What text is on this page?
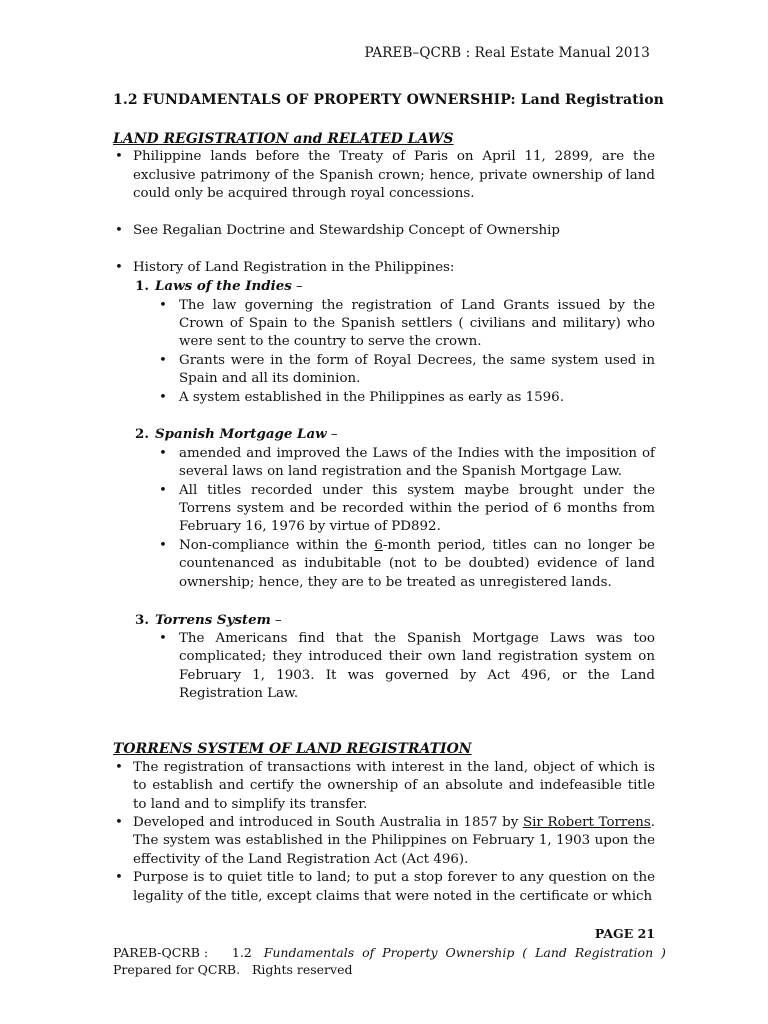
PAREB–QCRB : Real Estate Manual 2013
1.2 FUNDAMENTALS OF PROPERTY OWNERSHIP: Land Registration
LAND REGISTRATION and RELATED LAWS
• Philippine lands before the Treaty of Paris on April 11, 2899, are the exclusive patrimony of the Spanish crown; hence, private ownership of land could only be acquired through royal concessions.
• See Regalian Doctrine and Stewardship Concept of Ownership
• History of Land Registration in the Philippines:
1. Laws of the Indies –
• The law governing the registration of Land Grants issued by the Crown of Spain to the Spanish settlers ( civilians and military) who were sent to the country to serve the crown.
• Grants were in the form of Royal Decrees, the same system used in Spain and all its dominion.
• A system established in the Philippines as early as 1596.
2. Spanish Mortgage Law –
• amended and improved the Laws of the Indies with the imposition of several laws on land registration and the Spanish Mortgage Law.
• All titles recorded under this system maybe brought under the Torrens system and be recorded within the period of 6 months from February 16, 1976 by virtue of PD892.
• Non-compliance within the 6-month period, titles can no longer be countenanced as indubitable (not to be doubted) evidence of land ownership; hence, they are to be treated as unregistered lands.
3. Torrens System –
• The Americans find that the Spanish Mortgage Laws was too complicated; they introduced their own land registration system on February 1, 1903. It was governed by Act 496, or the Land Registration Law.
TORRENS SYSTEM OF LAND REGISTRATION
• The registration of transactions with interest in the land, object of which is to establish and certify the ownership of an absolute and indefeasible title to land and to simplify its transfer.
• Developed and introduced in South Australia in 1857 by Sir Robert Torrens. The system was established in the Philippines on February 1, 1903 upon the effectivity of the Land Registration Act (Act 496).
• Purpose is to quiet title to land; to put a stop forever to any question on the legality of the title, except claims that were noted in the certificate or which
PAGE 21
PAREB-QCRB :      1.2   Fundamentals  of  Property  Ownership  (  Land  Registration  )
Prepared for QCRB.   Rights reserved
